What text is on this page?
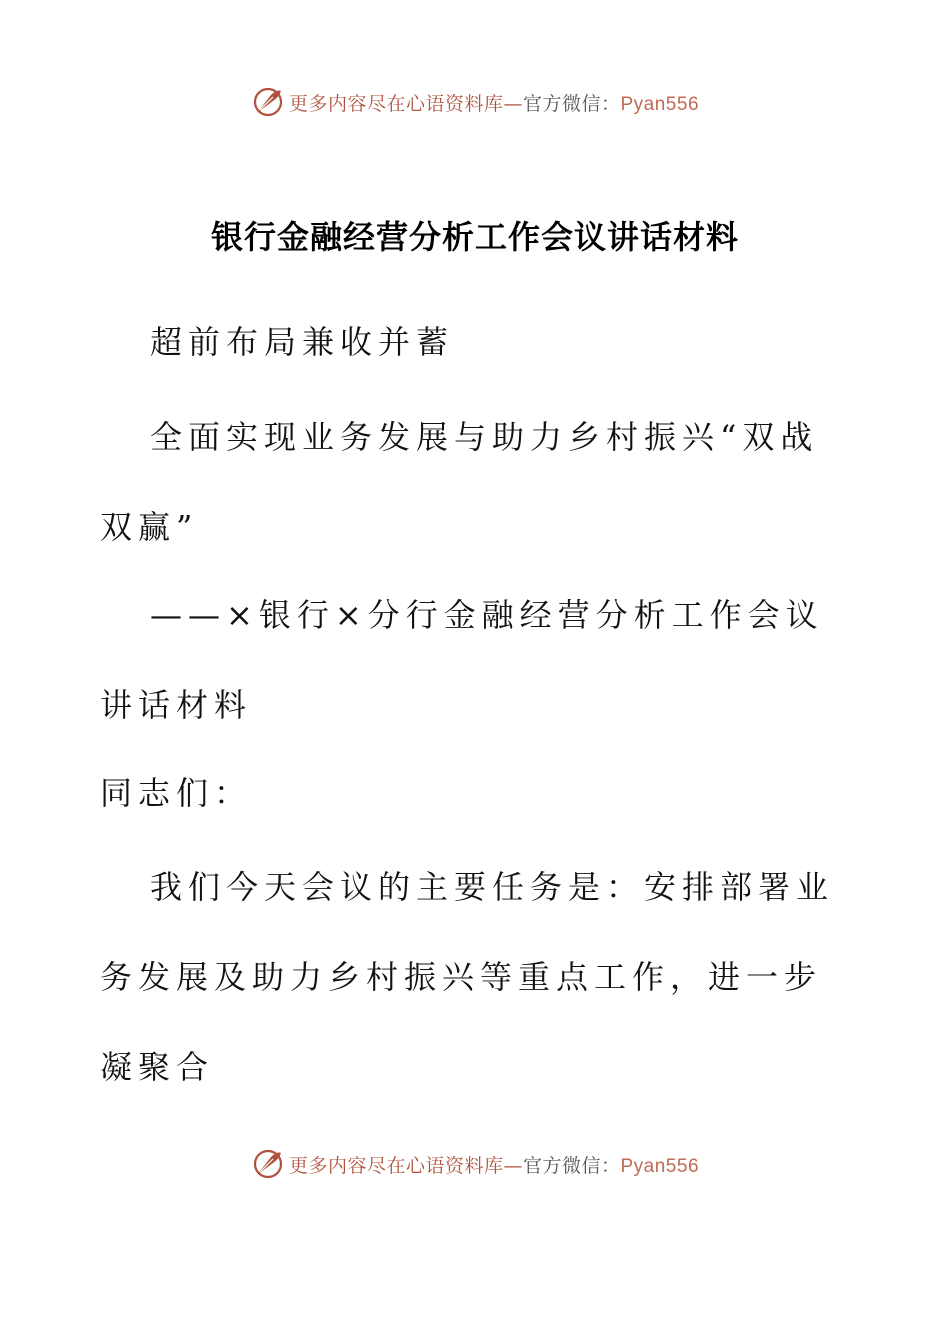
更多内容尽在心语资料库—官方微信：Pyan556
银行金融经营分析工作会议讲话材料
超前布局兼收并蓄
全面实现业务发展与助力乡村振兴“双战双赢”
——×银行×分行金融经营分析工作会议讲话材料
同志们：
我们今天会议的主要任务是：安排部署业务发展及助力乡村振兴等重点工作，进一步凝聚合
更多内容尽在心语资料库—官方微信：Pyan556
